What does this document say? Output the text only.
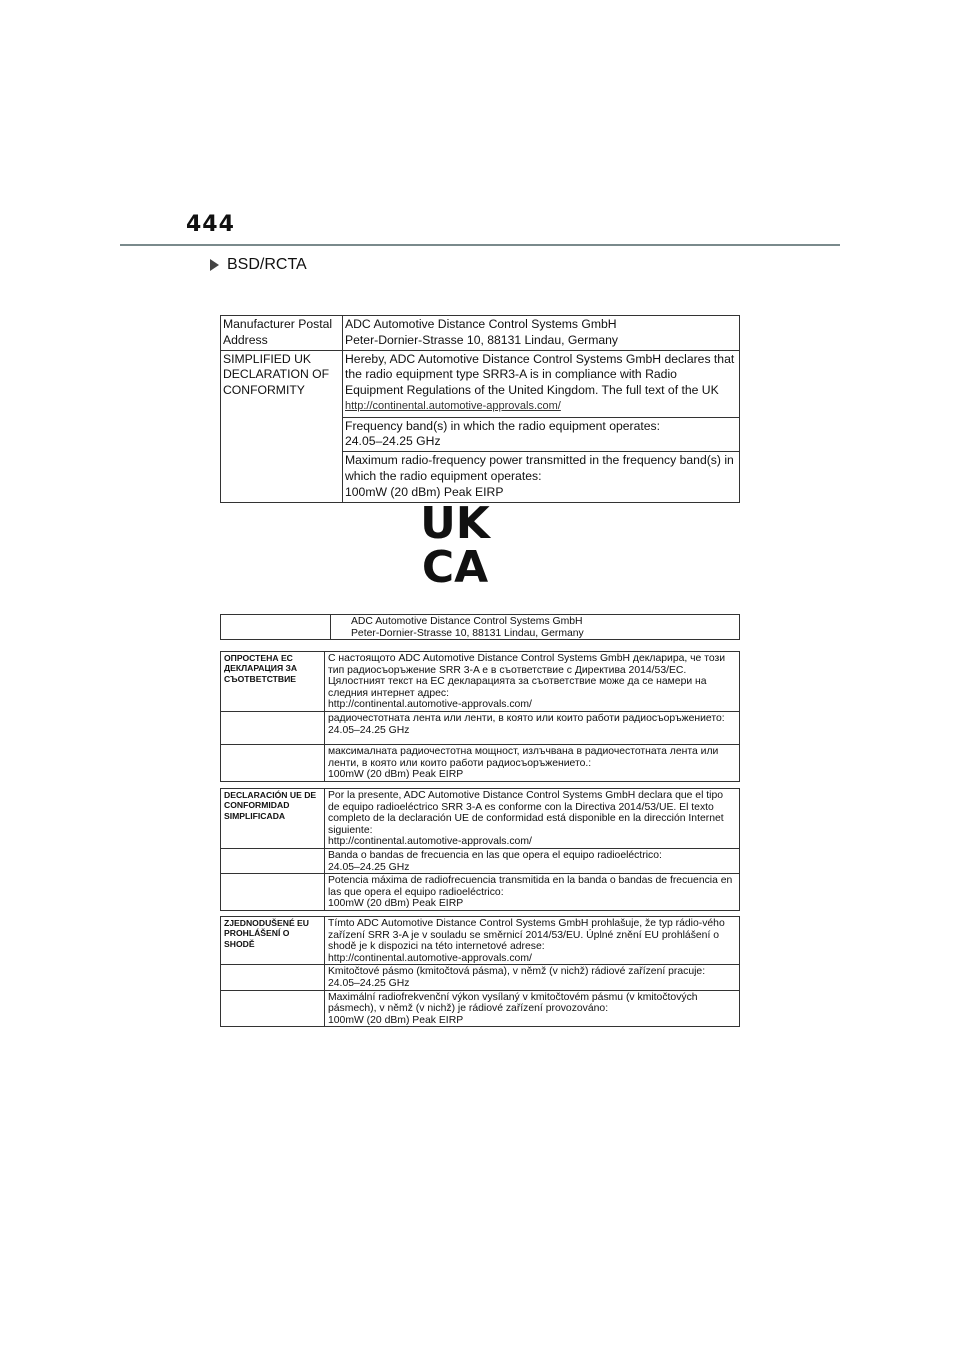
444
BSD/RCTA
Manufacturer Postal Address	ADC Automotive Distance Control Systems GmbH
Peter-Dornier-Strasse 10, 88131 Lindau, Germany

SIMPLIFIED UK DECLARATION OF CONFORMITY	Hereby, ADC Automotive Distance Control Systems GmbH declares that the radio equipment type SRR3-A is in compliance with Radio Equipment Regulations of the United Kingdom. The full text of the UK
http://continental.automotive-approvals.com/

	Frequency band(s) in which the radio equipment operates:
24.05–24.25 GHz

	Maximum radio-frequency power transmitted in the frequency band(s) in which the radio equipment operates:
100mW (20 dBm) Peak EIRP
UK
CA

ADC Automotive Distance Control Systems GmbH
Peter-Dornier-Strasse 10, 88131 Lindau, Germany
ОПРОСТЕНА ЕС ДЕКЛАРАЦИЯ ЗА СЪОТВЕТСТВИЕ	С настоящото ADC Automotive Distance Control Systems GmbH декларира, че този тип радиосъоръжение SRR 3-A е в съответствие с Директива 2014/53/ЕС. Цялостният текст на ЕС декларацията за съответствие може да се намери на следния интернет адрес:
http://continental.automotive-approvals.com/

	радиочестотната лента или ленти, в която или които работи радиосъоръжението:
24.05–24.25 GHz

	максималната радиочестотна мощност, излъчвана в радиочестотната лента или ленти, в която или които работи радиосъоръжението.:
100mW (20 dBm) Peak EIRP
DECLARACIÓN UE DE CONFORMIDAD SIMPLIFICADA	Por la presente, ADC Automotive Distance Control Systems GmbH declara que el tipo de equipo radioeléctrico SRR 3-A es conforme con la Directiva 2014/53/UE. El texto completo de la declaración UE de conformidad está disponible en la dirección Internet siguiente:
http://continental.automotive-approvals.com/

	Banda o bandas de frecuencia en las que opera el equipo radioeléctrico:
24.05–24.25 GHz

	Potencia máxima de radiofrecuencia transmitida en la banda o bandas de frecuencia en las que opera el equipo radioeléctrico:
100mW (20 dBm) Peak EIRP
ZJEDNODUŠENÉ EU PROHLÁŠENÍ O SHODĚ	Tímto ADC Automotive Distance Control Systems GmbH prohlašuje, že typ rádio-vého zařízení SRR 3-A je v souladu se směrnicí 2014/53/EU. Úplné znění EU prohlášení o shodě je k dispozici na této internetové adrese:
http://continental.automotive-approvals.com/

	Kmitočtové pásmo (kmitočtová pásma), v němž (v nichž) rádiové zařízení pracuje:
24.05–24.25 GHz

	Maximální radiofrekvenční výkon vysílaný v kmitočtovém pásmu (v kmitočtových pásmech), v němž (v nichž) je rádiové zařízení provozováno:
100mW (20 dBm) Peak EIRP
